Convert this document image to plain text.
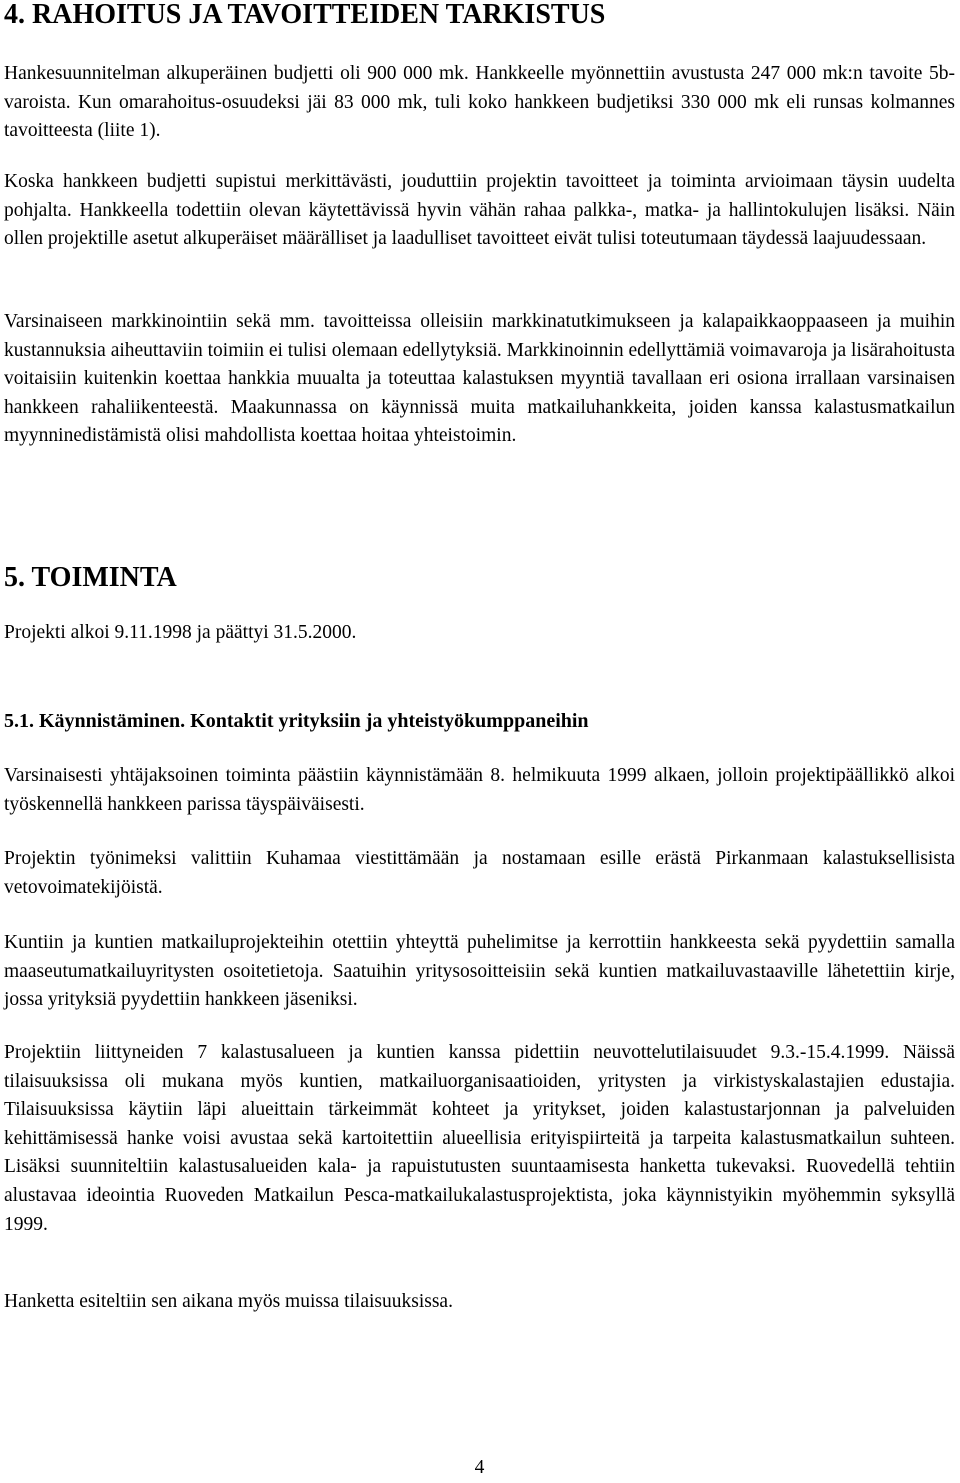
4. RAHOITUS JA TAVOITTEIDEN TARKISTUS

Hankesuunnitelman alkuperäinen budjetti oli 900 000 mk. Hankkeelle myönnettiin avustusta 247 000 mk:n tavoite 5b-varoista. Kun omarahoitus-osuudeksi jäi 83 000 mk, tuli koko hankkeen budjetiksi 330 000 mk eli runsas kolmannes tavoitteesta (liite 1).

Koska hankkeen budjetti supistui merkittävästi, jouduttiin projektin tavoitteet ja toiminta arvioimaan täysin uudelta pohjalta. Hankkeella todettiin olevan käytettävissä hyvin vähän rahaa palkka-, matka- ja hallintokulujen lisäksi. Näin ollen projektille asetut alkuperäiset määrälliset ja laadulliset tavoitteet eivät tulisi toteutumaan täydessä laajuudessaan.

Varsinaiseen markkinointiin sekä mm. tavoitteissa olleisiin markkinatutkimukseen ja kalapaikkaoppaaseen ja muihin kustannuksia aiheuttaviin toimiin ei tulisi olemaan edellytyksiä. Markkinoinnin edellyttämiä voimavaroja ja lisärahoitusta voitaisiin kuitenkin koettaa hankkia muualta ja toteuttaa kalastuksen myyntiä tavallaan eri osiona irrallaan varsinaisen hankkeen rahaliikenteestä. Maakunnassa on käynnissä muita matkailuhankkeita, joiden kanssa kalastusmatkailun myynninedistämistä olisi mahdollista koettaa hoitaa yhteistoimin.

5. TOIMINTA

Projekti alkoi 9.11.1998 ja päättyi 31.5.2000.

5.1. Käynnistäminen. Kontaktit yrityksiin ja yhteistyökumppaneihin

Varsinaisesti yhtäjaksoinen toiminta päästiin käynnistämään 8. helmikuuta 1999 alkaen, jolloin projektipäällikkö alkoi työskennellä hankkeen parissa täyspäiväisesti.

Projektin työnimeksi valittiin Kuhamaa viestittämään ja nostamaan esille erästä Pirkanmaan kalastuksellisista vetovoimatekijöistä.

Kuntiin ja kuntien matkailuprojekteihin otettiin yhteyttä puhelimitse ja kerrottiin hankkeesta sekä pyydettiin samalla maaseutumatkailuyritysten osoitetietoja. Saatuihin yritysosoitteisiin sekä kuntien matkailuvastaaville lähetettiin kirje, jossa yrityksiä pyydettiin hankkeen jäseniksi.

Projektiin liittyneiden 7 kalastusalueen ja kuntien kanssa pidettiin neuvottelutilaisuudet 9.3.-15.4.1999. Näissä tilaisuuksissa oli mukana myös kuntien, matkailuorganisaatioiden, yritysten ja virkistyskalastajien edustajia. Tilaisuuksissa käytiin läpi alueittain tärkeimmät kohteet ja yritykset, joiden kalastustarjonnan ja palveluiden kehittämisessä hanke voisi avustaa sekä kartoitettiin alueellisia erityispiirteitä ja tarpeita kalastusmatkailun suhteen. Lisäksi suunniteltiin kalastusalueiden kala- ja rapuistutusten suuntaamisesta hanketta tukevaksi. Ruovedellä tehtiin alustavaa ideointia Ruoveden Matkailun Pesca-matkailukalastusprojektista, joka käynnistyikin myöhemmin syksyllä 1999.

Hanketta esiteltiin sen aikana myös muissa tilaisuuksissa.

4
